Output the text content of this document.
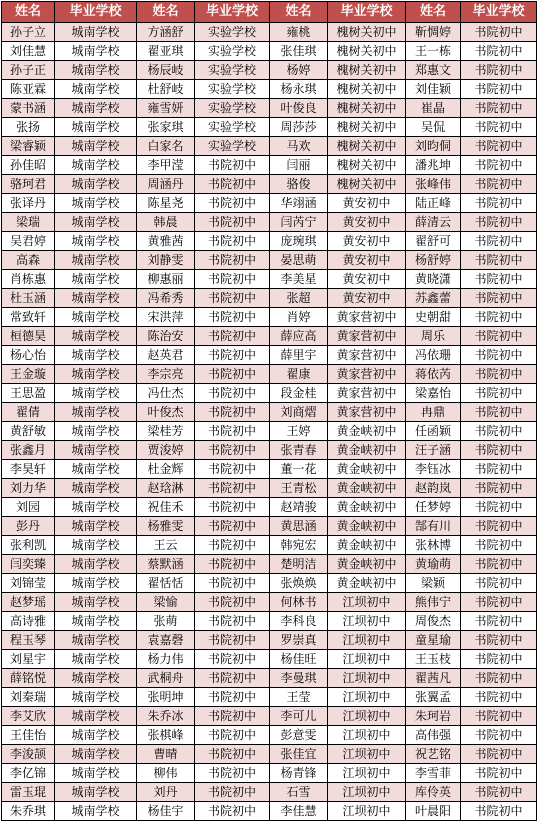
姓名	毕业学校	姓名	毕业学校	姓名	毕业学校	姓名	毕业学校
孙子立	城南学校	方涵舒	实验学校	雍桃	槐树关初中	靳惆婷	书院初中
刘佳慧	城南学校	翟亚琪	实验学校	张佳琪	槐树关初中	王一栋	书院初中
孙子正	城南学校	杨辰岐	实验学校	杨婷	槐树关初中	郑惠文	书院初中
陈亚霖	城南学校	杜舒岐	实验学校	杨永琪	槐树关初中	刘佳颖	书院初中
蒙书涵	城南学校	雍雪妍	实验学校	叶俊良	槐树关初中	崔晶	书院初中
张扬	城南学校	张家琪	实验学校	周莎莎	槐树关初中	吴侃	书院初中
梁睿颖	城南学校	白家名	实验学校	马欢	槐树关初中	刘昀侗	书院初中
孙佳昭	城南学校	李甲滢	书院初中	闫丽	槐树关初中	潘兆坤	书院初中
骆珂君	城南学校	周涵丹	书院初中	骆俊	槐树关初中	张峰伟	书院初中
张译丹	城南学校	陈星尧	书院初中	华翊涵	黄安初中	陆正峰	书院初中
梁瑞	城南学校	韩晨	书院初中	闫芮宁	黄安初中	薛清云	书院初中
吴君婷	城南学校	黄雅茜	书院初中	庞琬琪	黄安初中	翟舒可	书院初中
高森	城南学校	刘静雯	书院初中	晏思萌	黄安初中	杨舒婷	书院初中
肖栋惠	城南学校	柳惠丽	书院初中	李美星	黄安初中	黄晓潇	书院初中
杜玉涵	城南学校	冯希秀	书院初中	张超	黄安初中	苏鑫蕾	书院初中
常致轩	城南学校	宋洪萍	书院初中	肖婷	黄家营初中	史朝甜	书院初中
桓德昊	城南学校	陈治安	书院初中	薛应高	黄家营初中	周乐	书院初中
杨心怡	城南学校	赵英君	书院初中	薛里宇	黄家营初中	冯依珊	书院初中
王金璇	城南学校	李宗亮	书院初中	翟康	黄家营初中	蒋依芮	书院初中
王思盈	城南学校	冯仕杰	书院初中	段金桂	黄家营初中	梁嘉怡	书院初中
翟倩	城南学校	叶俊杰	书院初中	刘商熠	黄家营初中	冉鼎	书院初中
黄舒敏	城南学校	梁桂芳	书院初中	王婷	黄金峡初中	任函颖	书院初中
张鑫月	城南学校	贾浚婷	书院初中	张青春	黄金峡初中	汪子涵	书院初中
李昊轩	城南学校	杜金辉	书院初中	董一花	黄金峡初中	李钰冰	书院初中
刘力华	城南学校	赵琀淋	书院初中	王青松	黄金峡初中	赵韵岚	书院初中
刘园	城南学校	祝佳禾	书院初中	赵靖骏	黄金峡初中	任梦婷	书院初中
彭丹	城南学校	杨雅雯	书院初中	黄思涵	黄金峡初中	郜有川	书院初中
张利凯	城南学校	王云	书院初中	韩宛宏	黄金峡初中	张林博	书院初中
闫奕臻	城南学校	蔡默涵	书院初中	楚明洁	黄金峡初中	黄瑜萌	书院初中
刘锦莹	城南学校	翟恬恬	书院初中	张焕焕	黄金峡初中	梁颖	书院初中
赵梦瑶	城南学校	梁愉	书院初中	何林书	江坝初中	熊伟宁	书院初中
高诗雅	城南学校	张萌	书院初中	李科良	江坝初中	周俊杰	书院初中
程玉琴	城南学校	袁嘉磬	书院初中	罗崇真	江坝初中	童星瑜	书院初中
刘星宇	城南学校	杨力伟	书院初中	杨佳旺	江坝初中	王玉枝	书院初中
薛铭悦	城南学校	武桐舟	书院初中	李曼琪	江坝初中	翟茜凡	书院初中
刘秦瑞	城南学校	张明坤	书院初中	王莹	江坝初中	张翼孟	书院初中
李艾欣	城南学校	朱乔冰	书院初中	李可儿	江坝初中	朱珂岩	书院初中
王佳怡	城南学校	张棋峰	书院初中	彭意雯	江坝初中	高伟强	书院初中
李浚颉	城南学校	曹晴	书院初中	张佳宜	江坝初中	祝艺铭	书院初中
李亿锦	城南学校	柳伟	书院初中	杨青锋	江坝初中	李雪菲	书院初中
雷玉琨	城南学校	刘丹	书院初中	石雪	江坝初中	库伶英	书院初中
朱乔琪	城南学校	杨佳宇	书院初中	李佳慧	江坝初中	叶晨阳	书院初中
